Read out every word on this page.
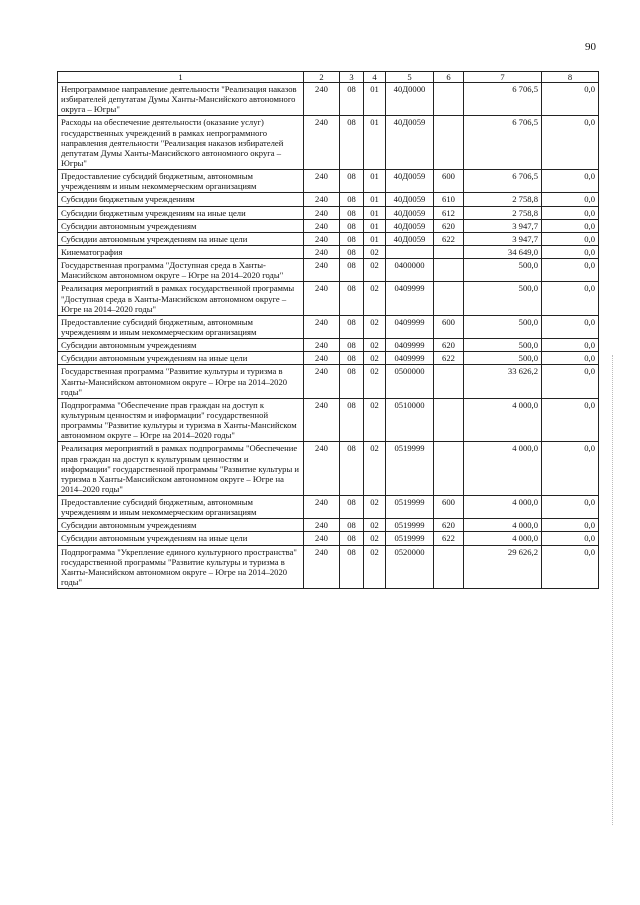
90
1	2	3	4	5	6	7	8
Непрограммное направление деятельности "Реализация наказов избирателей депутатам Думы Ханты-Мансийского автономного округа – Югры"	240	08	01	40Д0000		6 706,5	0,0
Расходы на обеспечение деятельности (оказание услуг) государственных учреждений в рамках непрограммного направления деятельности "Реализация наказов избирателей депутатам Думы Ханты-Мансийского автономного округа – Югры"	240	08	01	40Д0059		6 706,5	0,0
Предоставление субсидий бюджетным, автономным учреждениям и иным некоммерческим организациям	240	08	01	40Д0059	600	6 706,5	0,0
Субсидии бюджетным учреждениям	240	08	01	40Д0059	610	2 758,8	0,0
Субсидии бюджетным учреждениям на иные цели	240	08	01	40Д0059	612	2 758,8	0,0
Субсидии автономным учреждениям	240	08	01	40Д0059	620	3 947,7	0,0
Субсидии автономным учреждениям на иные цели	240	08	01	40Д0059	622	3 947,7	0,0
Кинематография	240	08	02			34 649,0	0,0
Государственная программа "Доступная среда в Ханты-Мансийском автономном округе – Югре на 2014–2020 годы"	240	08	02	0400000		500,0	0,0
Реализация мероприятий в рамках государственной программы "Доступная среда в Ханты-Мансийском автономном округе – Югре на 2014–2020 годы"	240	08	02	0409999		500,0	0,0
Предоставление субсидий бюджетным, автономным учреждениям и иным некоммерческим организациям	240	08	02	0409999	600	500,0	0,0
Субсидии автономным учреждениям	240	08	02	0409999	620	500,0	0,0
Субсидии автономным учреждениям на иные цели	240	08	02	0409999	622	500,0	0,0
Государственная программа "Развитие культуры и туризма в Ханты-Мансийском автономном округе – Югре на 2014–2020 годы"	240	08	02	0500000		33 626,2	0,0
Подпрограмма "Обеспечение прав граждан на доступ к культурным ценностям и информации" государственной программы "Развитие культуры и туризма в Ханты-Мансийском автономном округе – Югре на 2014–2020 годы"	240	08	02	0510000		4 000,0	0,0
Реализация мероприятий в рамках подпрограммы "Обеспечение прав граждан на доступ к культурным ценностям и информации" государственной программы "Развитие культуры и туризма в Ханты-Мансийском автономном округе – Югре на 2014–2020 годы"	240	08	02	0519999		4 000,0	0,0
Предоставление субсидий бюджетным, автономным учреждениям и иным некоммерческим организациям	240	08	02	0519999	600	4 000,0	0,0
Субсидии автономным учреждениям	240	08	02	0519999	620	4 000,0	0,0
Субсидии автономным учреждениям на иные цели	240	08	02	0519999	622	4 000,0	0,0
Подпрограмма "Укрепление единого культурного пространства" государственной программы "Развитие культуры и туризма в Ханты-Мансийском автономном округе – Югре на 2014–2020 годы"	240	08	02	0520000		29 626,2	0,0
